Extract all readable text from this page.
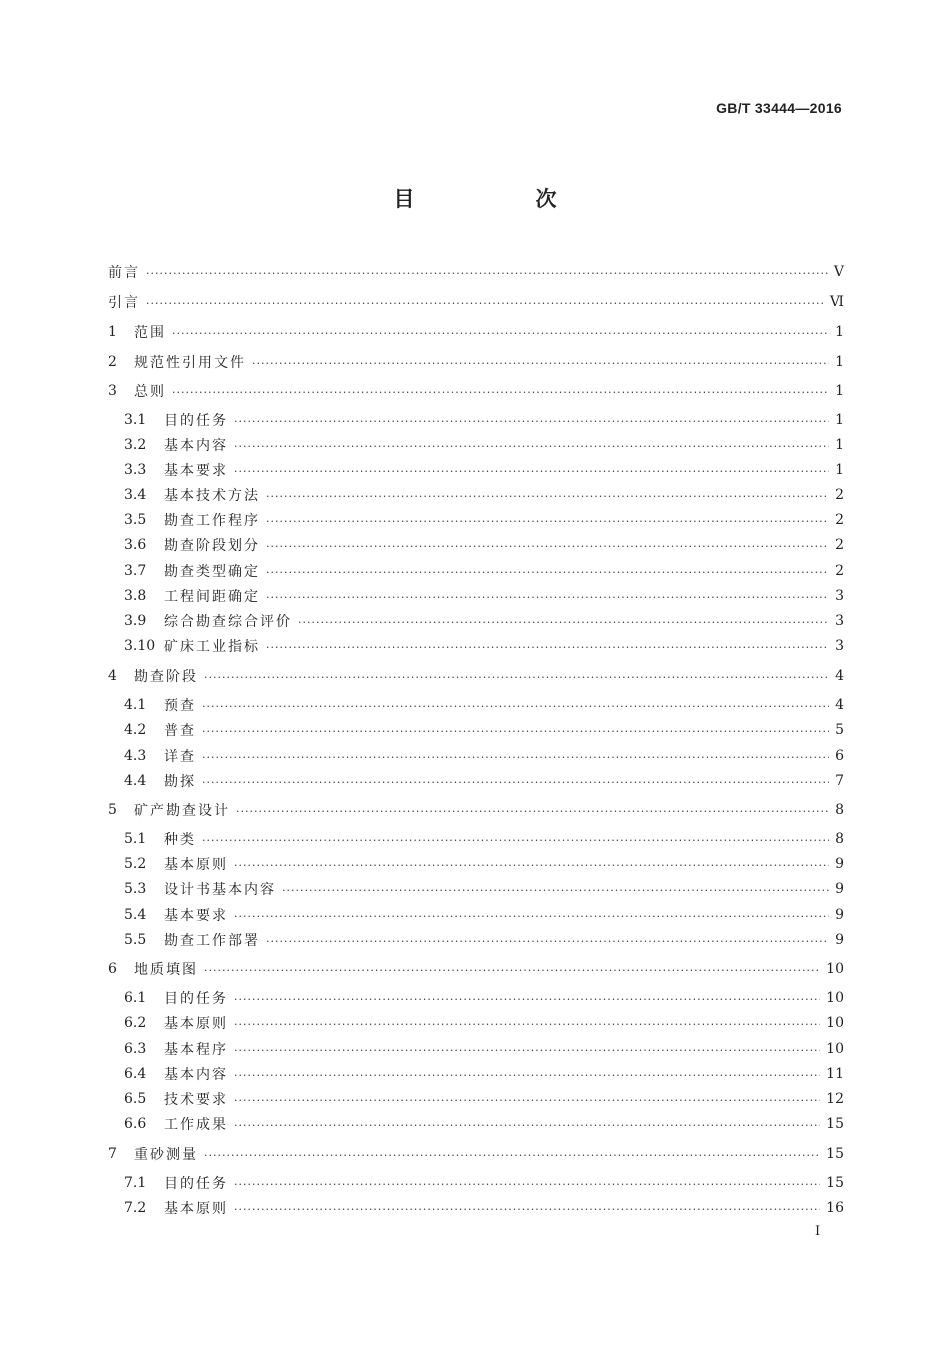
GB/T 33444—2016
目　次
前言 ·····	Ⅴ
引言 ·····	Ⅵ
1	范围 ·····	1
2	规范性引用文件 ·····	1
3	总则 ·····	1
3.1	目的任务 ·····	1
3.2	基本内容 ·····	1
3.3	基本要求 ·····	1
3.4	基本技术方法 ·····	2
3.5	勘查工作程序 ·····	2
3.6	勘查阶段划分 ·····	2
3.7	勘查类型确定 ·····	2
3.8	工程间距确定 ·····	3
3.9	综合勘查综合评价 ·····	3
3.10 矿床工业指标 ·····	3
4	勘查阶段 ·····	4
4.1	预查 ·····	4
4.2	普查 ·····	5
4.3	详查 ·····	6
4.4	勘探 ·····	7
5	矿产勘查设计 ·····	8
5.1	种类 ·····	8
5.2	基本原则 ·····	9
5.3	设计书基本内容 ·····	9
5.4	基本要求 ·····	9
5.5	勘查工作部署 ·····	9
6	地质填图 ·····	10
6.1	目的任务 ·····	10
6.2	基本原则 ·····	10
6.3	基本程序 ·····	10
6.4	基本内容 ·····	11
6.5	技术要求 ·····	12
6.6	工作成果 ·····	15
7	重砂测量 ·····	15
7.1	目的任务 ·····	15
7.2	基本原则 ·····	16
I
